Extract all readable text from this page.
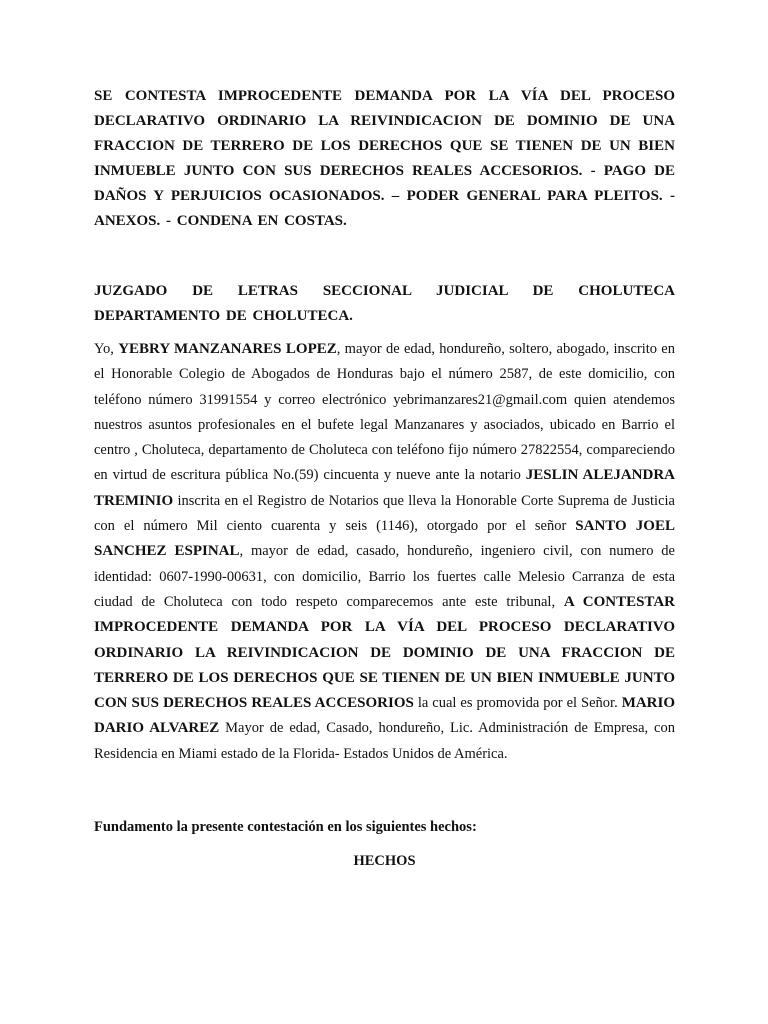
SE CONTESTA IMPROCEDENTE DEMANDA POR LA VÍA DEL PROCESO DECLARATIVO ORDINARIO LA REIVINDICACION DE DOMINIO DE UNA FRACCION DE TERRERO DE LOS DERECHOS QUE SE TIENEN DE UN BIEN INMUEBLE JUNTO CON SUS DERECHOS REALES ACCESORIOS. - PAGO DE DAÑOS Y PERJUICIOS OCASIONADOS. – PODER GENERAL PARA PLEITOS. - ANEXOS. - CONDENA EN COSTAS.

JUZGADO DE LETRAS SECCIONAL JUDICIAL DE CHOLUTECA DEPARTAMENTO DE CHOLUTECA.

Yo, YEBRY MANZANARES LOPEZ, mayor de edad, hondureño, soltero, abogado, inscrito en el Honorable Colegio de Abogados de Honduras bajo el número 2587, de este domicilio, con teléfono número 31991554 y correo electrónico yebrimanzares21@gmail.com quien atendemos nuestros asuntos profesionales en el bufete legal Manzanares y asociados, ubicado en Barrio el centro , Choluteca, departamento de Choluteca con teléfono fijo número 27822554, compareciendo en virtud de escritura pública No.(59) cincuenta y nueve ante la notario JESLIN ALEJANDRA TREMINIO inscrita en el Registro de Notarios que lleva la Honorable Corte Suprema de Justicia con el número Mil ciento cuarenta y seis (1146), otorgado por el señor SANTO JOEL SANCHEZ ESPINAL, mayor de edad, casado, hondureño, ingeniero civil, con numero de identidad: 0607-1990-00631, con domicilio, Barrio los fuertes calle Melesio Carranza de esta ciudad de Choluteca con todo respeto comparecemos ante este tribunal, A CONTESTAR IMPROCEDENTE DEMANDA POR LA VÍA DEL PROCESO DECLARATIVO ORDINARIO LA REIVINDICACION DE DOMINIO DE UNA FRACCION DE TERRERO DE LOS DERECHOS QUE SE TIENEN DE UN BIEN INMUEBLE JUNTO CON SUS DERECHOS REALES ACCESORIOS la cual es promovida por el Señor. MARIO DARIO ALVAREZ Mayor de edad, Casado, hondureño, Lic. Administración de Empresa, con Residencia en Miami estado de la Florida- Estados Unidos de América.

Fundamento la presente contestación en los siguientes hechos:
HECHOS
